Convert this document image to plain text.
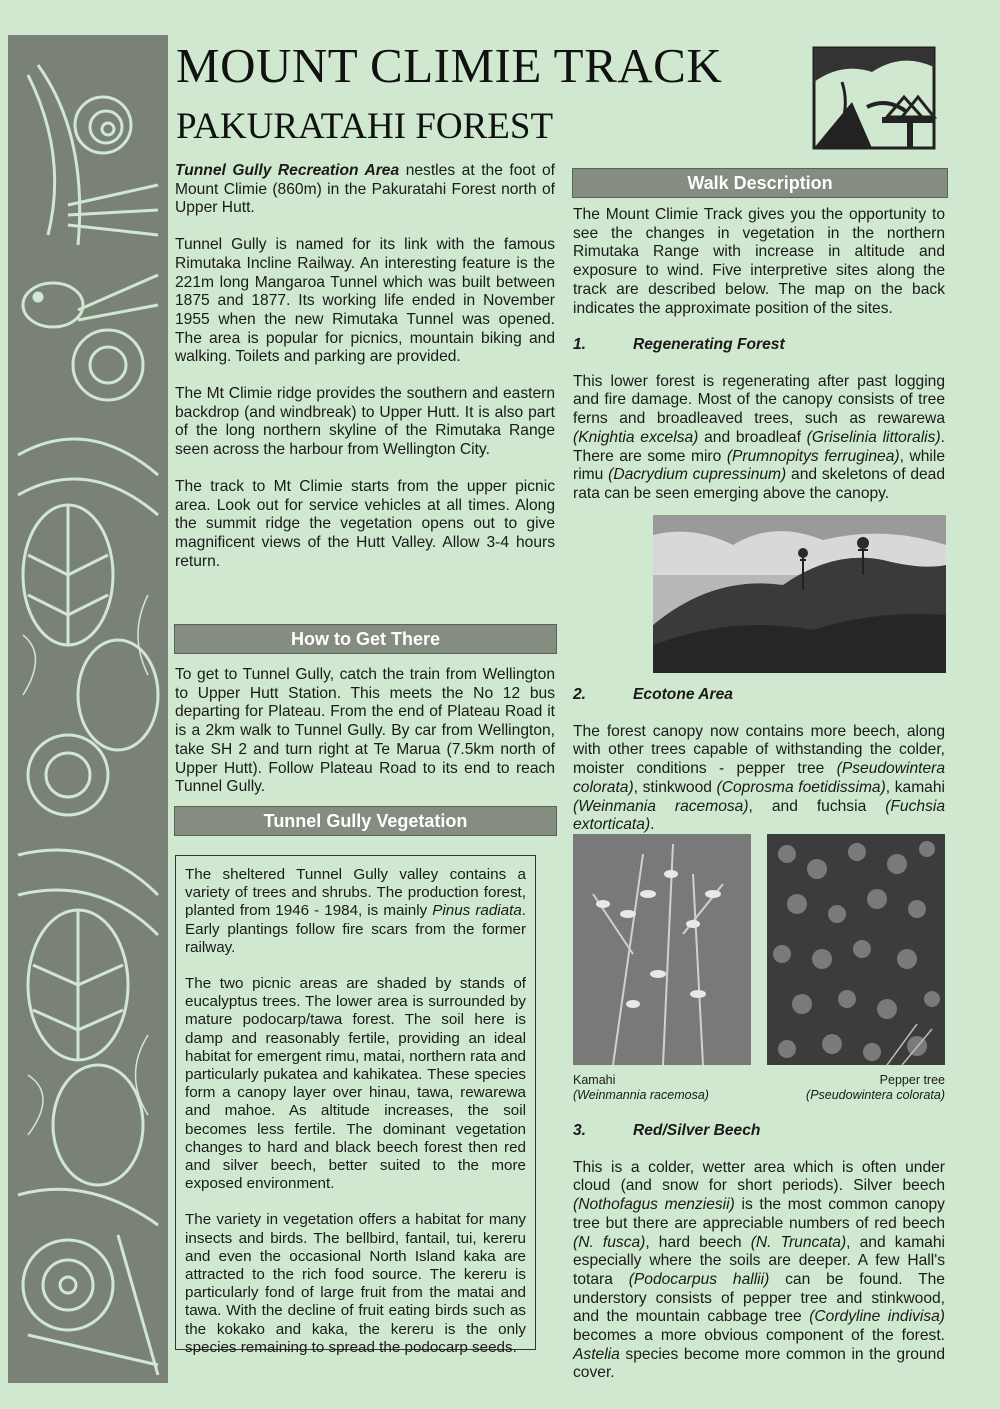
MOUNT CLIMIE TRACK
PAKURATAHI FOREST

Tunnel Gully Recreation Area nestles at the foot of Mount Climie (860m) in the Pakuratahi Forest north of Upper Hutt.

Tunnel Gully is named for its link with the famous Rimutaka Incline Railway. An interesting feature is the 221m long Mangaroa Tunnel which was built between 1875 and 1877. Its working life ended in November 1955 when the new Rimutaka Tunnel was opened. The area is popular for picnics, mountain biking and walking. Toilets and parking are provided.

The Mt Climie ridge provides the southern and eastern backdrop (and windbreak) to Upper Hutt. It is also part of the long northern skyline of the Rimutaka Range seen across the harbour from Wellington City.

The track to Mt Climie starts from the upper picnic area. Look out for service vehicles at all times. Along the summit ridge the vegetation opens out to give magnificent views of the Hutt Valley. Allow 3-4 hours return.

How to Get There

To get to Tunnel Gully, catch the train from Wellington to Upper Hutt Station. This meets the No 12 bus departing for Plateau. From the end of Plateau Road it is a 2km walk to Tunnel Gully. By car from Wellington, take SH 2 and turn right at Te Marua (7.5km north of Upper Hutt). Follow Plateau Road to its end to reach Tunnel Gully.

Tunnel Gully Vegetation

The sheltered Tunnel Gully valley contains a variety of trees and shrubs. The production forest, planted from 1946 - 1984, is mainly Pinus radiata. Early plantings follow fire scars from the former railway.

The two picnic areas are shaded by stands of eucalyptus trees. The lower area is surrounded by mature podocarp/tawa forest. The soil here is damp and reasonably fertile, providing an ideal habitat for emergent rimu, matai, northern rata and particularly pukatea and kahikatea. These species form a canopy layer over hinau, tawa, rewarewa and mahoe. As altitude increases, the soil becomes less fertile. The dominant vegetation changes to hard and black beech forest then red and silver beech, better suited to the more exposed environment.

The variety in vegetation offers a habitat for many insects and birds. The bellbird, fantail, tui, kereru and even the occasional North Island kaka are attracted to the rich food source. The kereru is particularly fond of large fruit from the matai and tawa. With the decline of fruit eating birds such as the kokako and kaka, the kereru is the only species remaining to spread the podocarp seeds.

Walk Description

The Mount Climie Track gives you the opportunity to see the changes in vegetation in the northern Rimutaka Range with increase in altitude and exposure to wind. Five interpretive sites along the track are described below. The map on the back indicates the approximate position of the sites.

1.	Regenerating Forest

This lower forest is regenerating after past logging and fire damage. Most of the canopy consists of tree ferns and broadleaved trees, such as rewarewa (Knightia excelsa) and broadleaf (Griselinia littoralis). There are some miro (Prumnopitys ferruginea), while rimu (Dacrydium cupressinum) and skeletons of dead rata can be seen emerging above the canopy.

2.	Ecotone Area

The forest canopy now contains more beech, along with other trees capable of withstanding the colder, moister conditions - pepper tree (Pseudowintera colorata), stinkwood (Coprosma foetidissima), kamahi (Weinmania racemosa), and fuchsia (Fuchsia extorticata).

Kamahi
(Weinmannia racemosa)
Pepper tree
(Pseudowintera colorata)

3.	Red/Silver Beech

This is a colder, wetter area which is often under cloud (and snow for short periods). Silver beech (Nothofagus menziesii) is the most common canopy tree but there are appreciable numbers of red beech (N. fusca), hard beech (N. Truncata), and kamahi especially where the soils are deeper. A few Hall's totara (Podocarpus hallii) can be found. The understory consists of pepper tree and stinkwood, and the mountain cabbage tree (Cordyline indivisa) becomes a more obvious component of the forest. Astelia species become more common in the ground cover.
